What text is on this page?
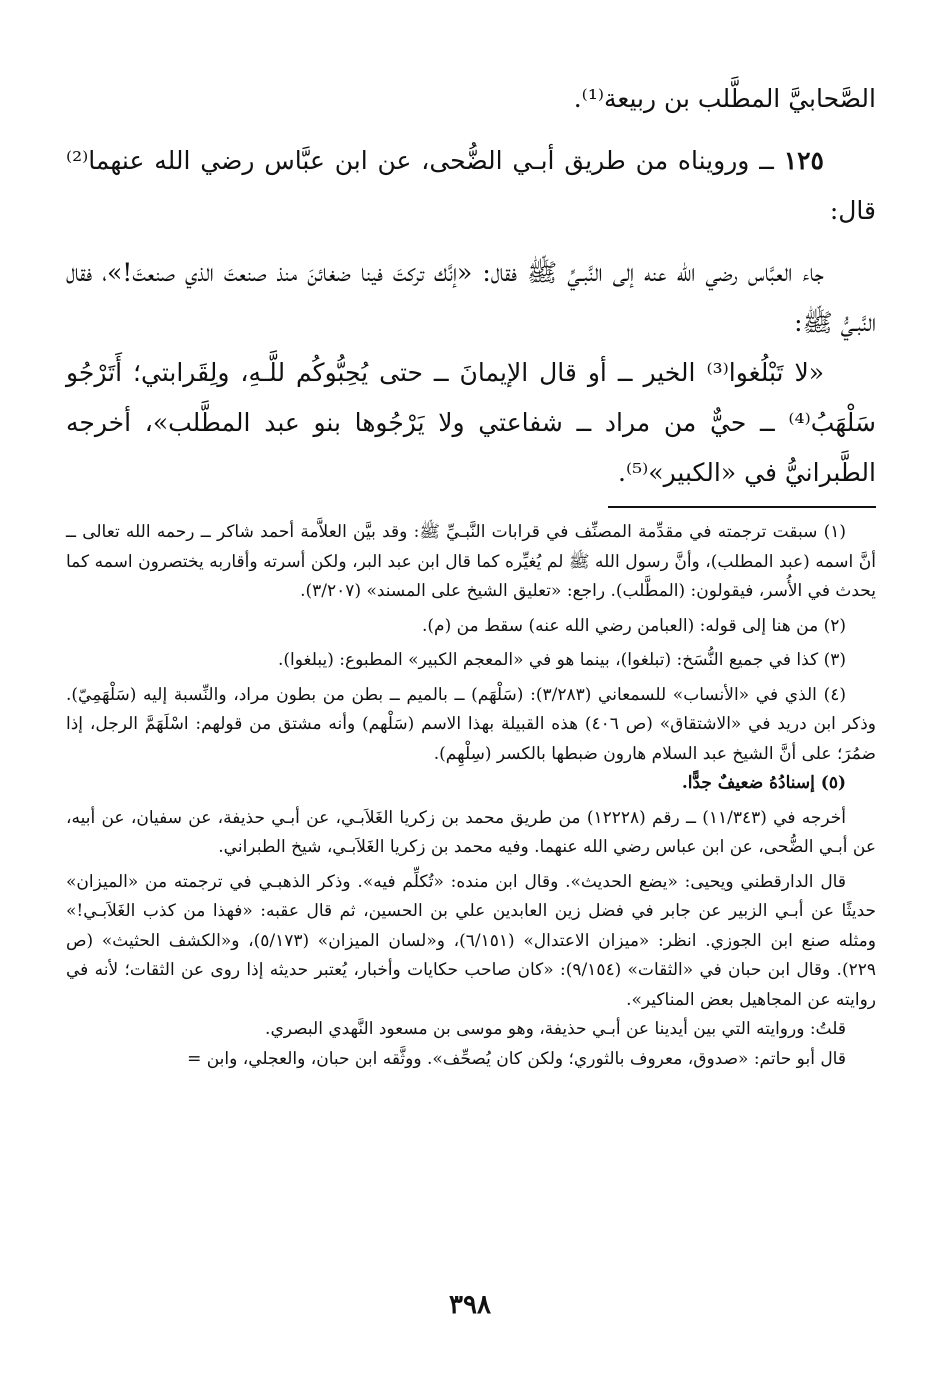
الصَّحابيَّ المطَّلب بن ربيعة⁽¹⁾.

١٢٥ ــ ورويناه من طريق أبـي الضُّحى، عن ابن عبَّاس رضي الله عنهما⁽²⁾ قال:

جاء العبَّاس رضي الله عنه إلى النَّبـيِّ ﷺ فقال: «إنَّك تركتَ فينا ضغائنَ منذ صنعتَ الذي صنعتَ!»، فقال النَّبـيُّ ﷺ:

«لا تَبْلُغوا⁽³⁾ الخير ــ أو قال الإيمانَ ــ حتى يُحِبُّوكُم للَّـهِ، ولِقَرابتي؛ أَتَرْجُو سَلْهَبُ⁽⁴⁾ ــ حيٌّ من مراد ــ شفاعتي ولا يَرْجُوها بنو عبد المطَّلب»، أخرجه الطَّبرانيُّ في «الكبير»⁽⁵⁾.

(١) سبقت ترجمته في مقدِّمة المصنِّف في قرابات النَّبـيِّ ﷺ: وقد بيَّن العلاَّمة أحمد شاكر ــ رحمه الله تعالى ــ أنَّ اسمه (عبد المطلب)، وأنَّ رسول الله ﷺ لم يُغيِّره كما قال ابن عبد البر، ولكن أسرته وأقاربه يختصرون اسمه كما يحدث في الأُسر، فيقولون: (المطَّلب). راجع: «تعليق الشيخ على المسند» (٣/٢٠٧).

(٢) من هنا إلى قوله: (العبامن رضي الله عنه) سقط من (م).

(٣) كذا في جميع النُّسَخ: (تبلغوا)، بينما هو في «المعجم الكبير» المطبوع: (يبلغوا).

(٤) الذي في «الأنساب» للسمعاني (٣/٢٨٣): (سَلْهَم) ــ بالميم ــ بطن من بطون مراد، والنِّسبة إليه (سَلْهَمِيّ). وذكر ابن دريد في «الاشتقاق» (ص ٤٠٦) هذه القبيلة بهذا الاسم (سَلْهم) وأنه مشتق من قولهم: اسْلَهَمَّ الرجل، إذا ضمُرَ؛ على أنَّ الشيخ عبد السلام هارون ضبطها بالكسر (سِلْهِم).

(٥) إسنادُهُ ضعيفٌ جدًّا.

أخرجه في (١١/٣٤٣) ــ رقم (١٢٢٢٨) من طريق محمد بن زكريا الغَلاَبـي، عن أبـي حذيفة، عن سفيان، عن أبيه، عن أبـي الضُّحى، عن ابن عباس رضي الله عنهما. وفيه محمد بن زكريا الغَلاَبـي، شيخ الطبراني.

قال الدارقطني ويحيى: «يضع الحديث». وقال ابن منده: «تُكلِّم فيه». وذكر الذهبـي في ترجمته من «الميزان» حديثًا عن أبـي الزبير عن جابر في فضل زين العابدين علي بن الحسين، ثم قال عقبه: «فهذا من كذب الغَلاَبـي!» ومثله صنع ابن الجوزي. انظر: «ميزان الاعتدال» (٦/١٥١)، و«لسان الميزان» (٥/١٧٣)، و«الكشف الحثيث» (ص ٢٢٩). وقال ابن حبان في «الثقات» (٩/١٥٤): «كان صاحب حكايات وأخبار، يُعتبر حديثه إذا روى عن الثقات؛ لأنه في روايته عن المجاهيل بعض المناكير».

قلتُ: وروايته التي بين أيدينا عن أبـي حذيفة، وهو موسى بن مسعود النَّهدي البصري.

قال أبو حاتم: «صدوق، معروف بالثوري؛ ولكن كان يُصحِّف». ووثَّقه ابن حبان، والعجلي، وابن =

٣٩٨
